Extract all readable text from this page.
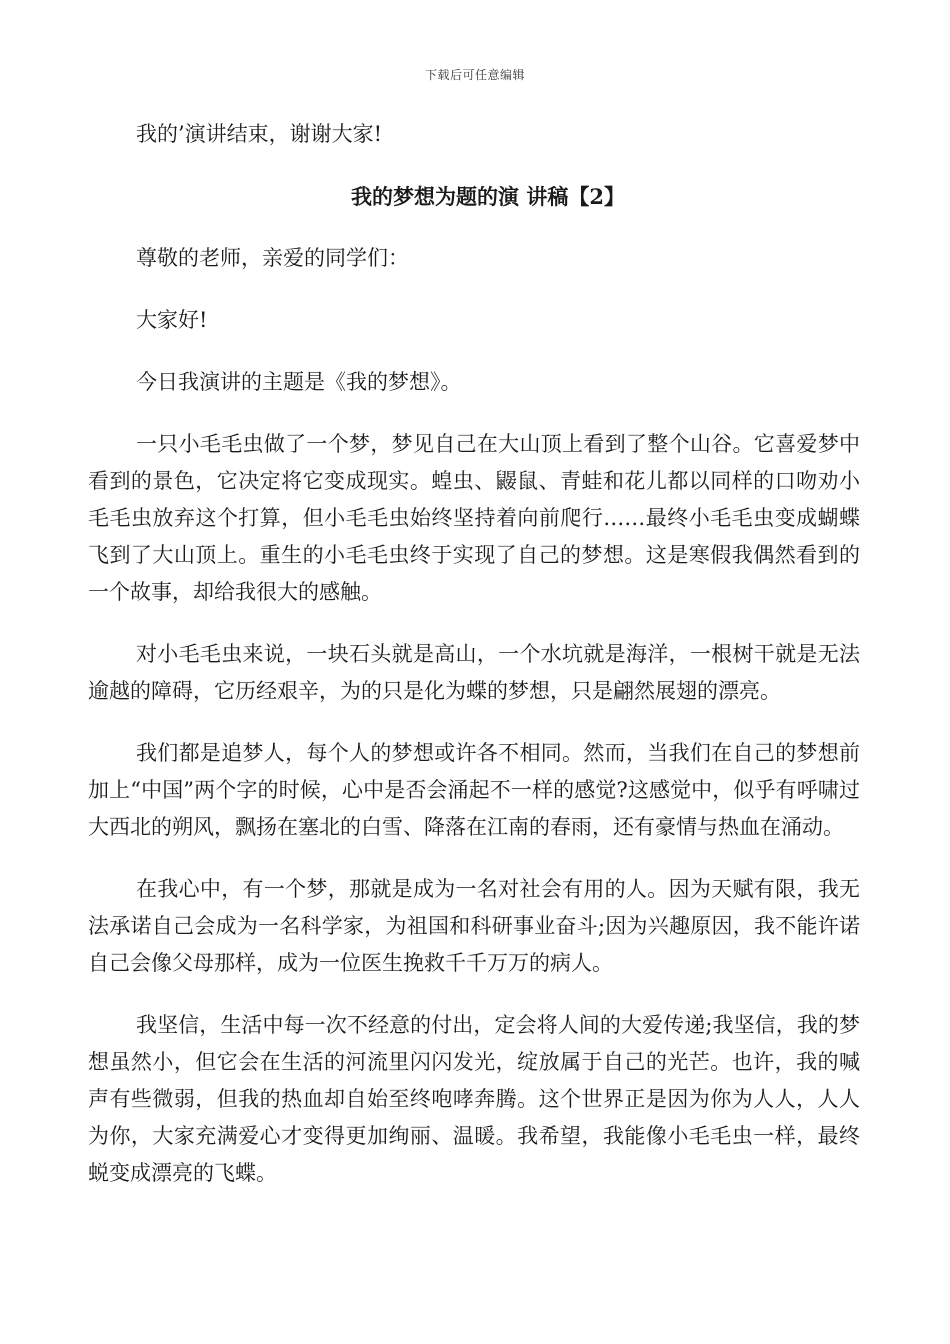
下载后可任意编辑

我的’演讲结束，谢谢大家!

我的梦想为题的演 讲稿【2】

尊敬的老师，亲爱的同学们：

大家好!

今日我演讲的主题是《我的梦想》。

一只小毛毛虫做了一个梦，梦见自己在大山顶上看到了整个山谷。它喜爱梦中看到的景色，它决定将它变成现实。蝗虫、鼹鼠、青蛙和花儿都以同样的口吻劝小毛毛虫放弃这个打算，但小毛毛虫始终坚持着向前爬行……最终小毛毛虫变成蝴蝶飞到了大山顶上。重生的小毛毛虫终于实现了自己的梦想。这是寒假我偶然看到的一个故事，却给我很大的感触。

对小毛毛虫来说，一块石头就是高山，一个水坑就是海洋，一根树干就是无法逾越的障碍，它历经艰辛，为的只是化为蝶的梦想，只是翩然展翅的漂亮。

我们都是追梦人，每个人的梦想或许各不相同。然而，当我们在自己的梦想前加上“中国”两个字的时候，心中是否会涌起不一样的感觉?这感觉中，似乎有呼啸过大西北的朔风，飘扬在塞北的白雪、降落在江南的春雨，还有豪情与热血在涌动。

在我心中，有一个梦，那就是成为一名对社会有用的人。因为天赋有限，我无法承诺自己会成为一名科学家，为祖国和科研事业奋斗;因为兴趣原因，我不能许诺自己会像父母那样，成为一位医生挽救千千万万的病人。

我坚信，生活中每一次不经意的付出，定会将人间的大爱传递;我坚信，我的梦想虽然小，但它会在生活的河流里闪闪发光，绽放属于自己的光芒。也许，我的喊声有些微弱，但我的热血却自始至终咆哮奔腾。这个世界正是因为你为人人，人人为你，大家充满爱心才变得更加绚丽、温暖。我希望，我能像小毛毛虫一样，最终蜕变成漂亮的飞蝶。
